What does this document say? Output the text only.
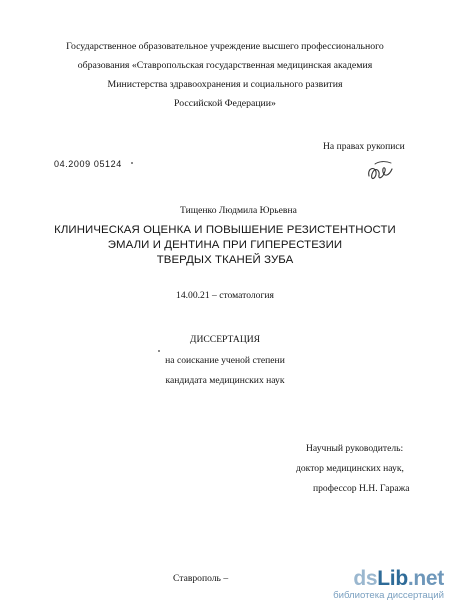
Государственное образовательное учреждение высшего профессионального
образования «Ставропольская государственная медицинская академия
Министерства здравоохранения и социального развития
Российской Федерации»
На правах рукописи
04.2009 05124
Тищенко Людмила Юрьевна
КЛИНИЧЕСКАЯ ОЦЕНКА И ПОВЫШЕНИЕ РЕЗИСТЕНТНОСТИ
ЭМАЛИ И ДЕНТИНА ПРИ ГИПЕРЕСТЕЗИИ
ТВЕРДЫХ ТКАНЕЙ ЗУБА
14.00.21 – стоматология
ДИССЕРТАЦИЯ
на соискание ученой степени
кандидата медицинских наук
Научный руководитель:
доктор медицинских наук,
профессор Н.Н. Гаража
Ставрополь –	dsLib.net
библиотека диссертаций
